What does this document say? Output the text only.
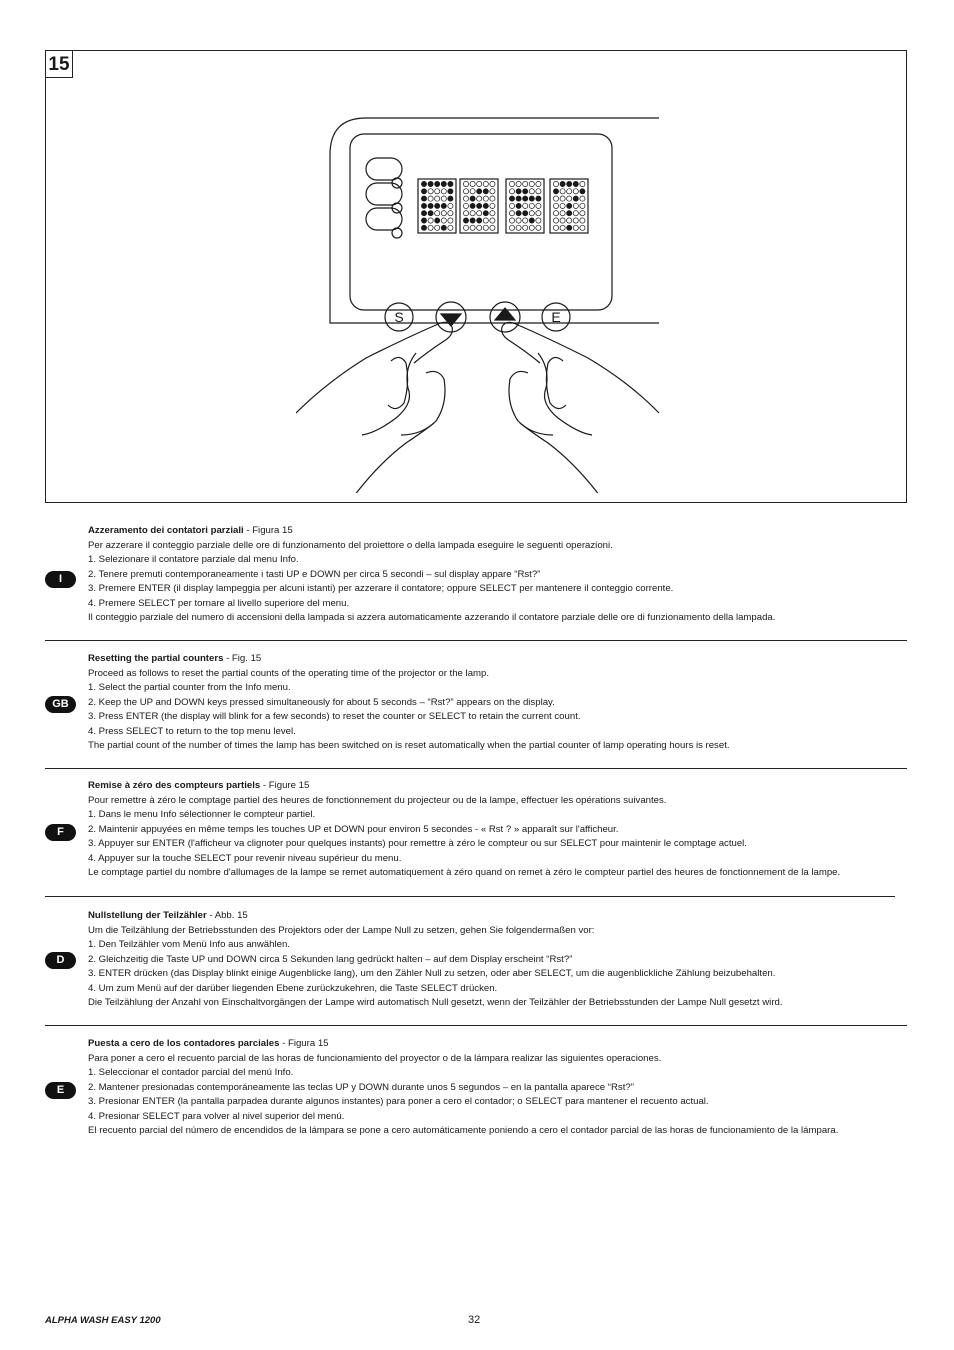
15
S	E
I

Azzeramento dei contatori parziali - Figura 15

Per azzerare il conteggio parziale delle ore di funzionamento del proiettore o della lampada eseguire le seguenti operazioni.

1. Selezionare il contatore parziale dal menu Info.

2. Tenere premuti contemporaneamente i tasti UP e DOWN per circa 5 secondi – sul display appare “Rst?”

3. Premere ENTER (il display lampeggia per alcuni istanti) per azzerare il contatore; oppure SELECT per mantenere il conteggio corrente.

4. Premere SELECT per tornare al livello superiore del menu.

Il conteggio parziale del numero di accensioni della lampada si azzera automaticamente azzerando il contatore parziale delle ore di funzionamento della lampada.

GB

Resetting the partial counters - Fig. 15

Proceed as follows to reset the partial counts of the operating time of the projector or the lamp.

1. Select the partial counter from the Info menu.

2. Keep the UP and DOWN keys pressed simultaneously for about 5 seconds – “Rst?” appears on the display.

3. Press ENTER (the display will blink for a few seconds) to reset the counter or SELECT to retain the current count.

4. Press SELECT to return to the top menu level.

The partial count of the number of times the lamp has been switched on is reset automatically when the partial counter of lamp operating hours is reset.

F

Remise à zéro des compteurs partiels - Figure 15

Pour remettre à zéro le comptage partiel des heures de fonctionnement du projecteur ou de la lampe, effectuer les opérations suivantes.

1. Dans le menu Info sélectionner le compteur partiel.

2. Maintenir appuyées en même temps les touches UP et DOWN pour environ 5 secondes - « Rst ? » apparaît sur l'afficheur.

3. Appuyer sur ENTER (l'afficheur va clignoter pour quelques instants) pour remettre à zéro le compteur ou sur SELECT pour maintenir le comptage actuel.

4. Appuyer sur la touche SELECT pour revenir niveau supérieur du menu.

Le comptage partiel du nombre d'allumages de la lampe se remet automatiquement à zéro quand on remet à zéro le compteur partiel des heures de fonctionnement de la lampe.

D

Nullstellung der Teilzähler - Abb. 15

Um die Teilzählung der Betriebsstunden des Projektors oder der Lampe Null zu setzen, gehen Sie folgendermaßen vor:

1. Den Teilzähler vom Menü Info aus anwählen.

2. Gleichzeitig die Taste UP und DOWN circa 5 Sekunden lang gedrückt halten – auf dem Display erscheint “Rst?”

3. ENTER drücken (das Display blinkt einige Augenblicke lang), um den Zähler Null zu setzen, oder aber SELECT, um die augenblickliche Zählung beizubehalten.

4. Um zum Menü auf der darüber liegenden Ebene zurückzukehren, die Taste SELECT drücken.

Die Teilzählung der Anzahl von Einschaltvorgängen der Lampe wird automatisch Null gesetzt, wenn der Teilzähler der Betriebsstunden der Lampe Null gesetzt wird.

E

Puesta a cero de los contadores parciales - Figura 15

Para poner a cero el recuento parcial de las horas de funcionamiento del proyector o de la lámpara realizar las siguientes operaciones.

1. Seleccionar el contador parcial del menú Info.

2. Mantener presionadas contemporáneamente las teclas UP y DOWN durante unos 5 segundos – en la pantalla aparece “Rst?”

3. Presionar ENTER (la pantalla parpadea durante algunos instantes) para poner a cero el contador; o SELECT para mantener el recuento actual.

4. Presionar SELECT para volver al nivel superior del menú.

El recuento parcial del número de encendidos de la lámpara se pone a cero automáticamente poniendo a cero el contador parcial de las horas de funcionamiento de la lámpara.

ALPHA WASH EASY 1200	32
